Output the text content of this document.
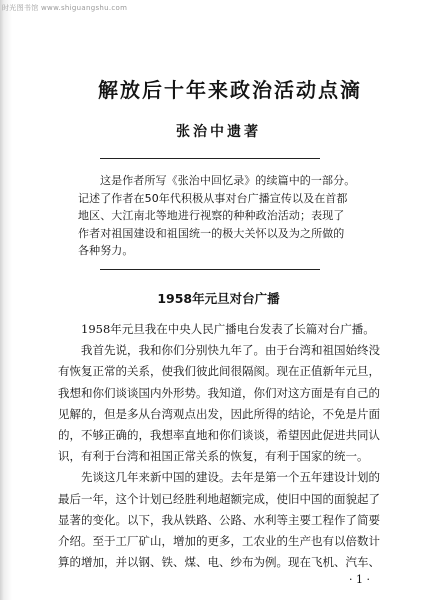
时光图书馆 www.shiguangshu.com
解放后十年来政治活动点滴

张治中遗著

这是作者所写《张治中回忆录》的续篇中的一部分。
记述了作者在50年代积极从事对台广播宣传以及在首都
地区、大江南北等地进行视察的种种政治活动；表现了
作者对祖国建设和祖国统一的极大关怀以及为之所做的
各种努力。

1958年元旦对台广播
1958年元旦我在中央人民广播电台发表了长篇对台广播。
我首先说，我和你们分别快九年了。由于台湾和祖国始终没
有恢复正常的关系，使我们彼此间很隔阂。现在正值新年元旦，
我想和你们谈谈国内外形势。我知道，你们对这方面是有自己的
见解的，但是多从台湾观点出发，因此所得的结论，不免是片面
的，不够正确的，我想率直地和你们谈谈，希望因此促进共同认
识，有利于台湾和祖国正常关系的恢复，有利于国家的统一。
先谈这几年来新中国的建设。去年是第一个五年建设计划的
最后一年，这个计划已经胜利地超额完成，使旧中国的面貌起了
显著的变化。以下，我从铁路、公路、水利等主要工程作了简要
介绍。至于工厂矿山，增加的更多，工农业的生产也有以倍数计
算的增加，并以钢、铁、煤、电、纱布为例。现在飞机、汽车、
· 1 ·
